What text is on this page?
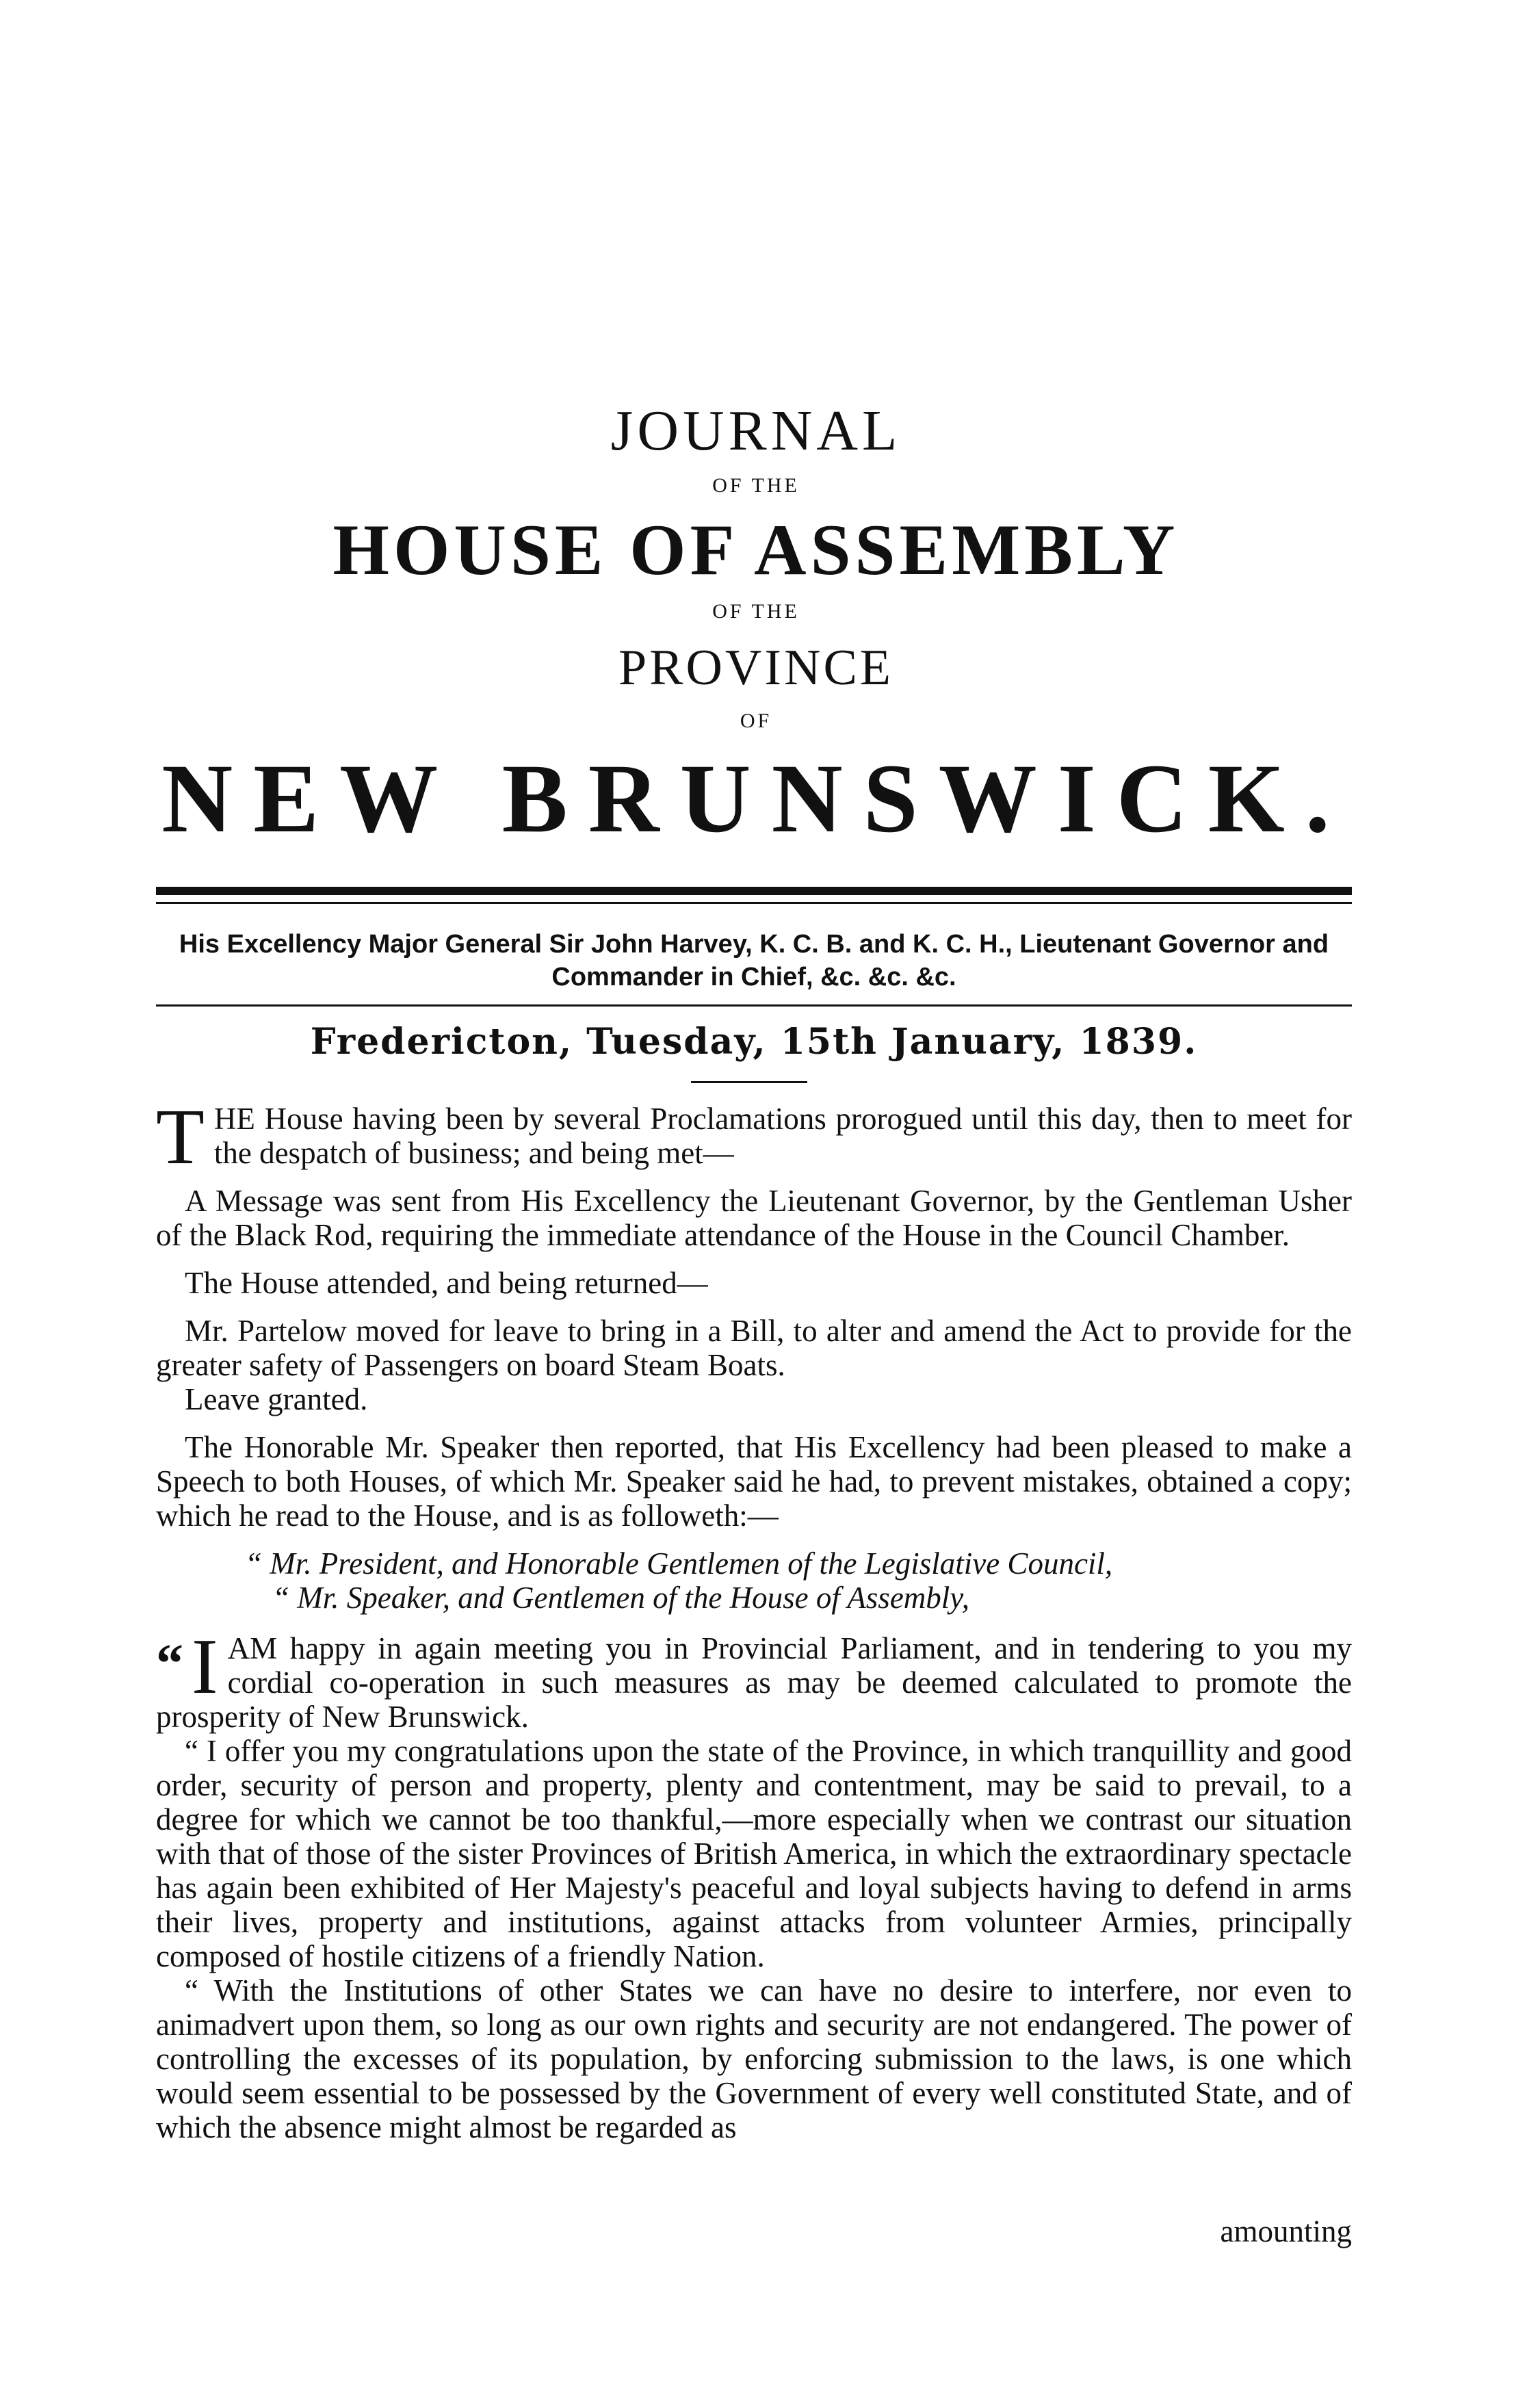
JOURNAL
OF THE
HOUSE OF ASSEMBLY
OF THE
PROVINCE
OF
NEW BRUNSWICK.
His Excellency Major General Sir John Harvey, K. C. B. and K. C. H., Lieutenant Governor and Commander in Chief, &c. &c. &c.
Fredericton, Tuesday, 15th January, 1839.

THE House having been by several Proclamations prorogued until this day, then to meet for the despatch of business; and being met—

A Message was sent from His Excellency the Lieutenant Governor, by the Gentleman Usher of the Black Rod, requiring the immediate attendance of the House in the Council Chamber.

The House attended, and being returned—

Mr. Partelow moved for leave to bring in a Bill, to alter and amend the Act to provide for the greater safety of Passengers on board Steam Boats.

Leave granted.

The Honorable Mr. Speaker then reported, that His Excellency had been pleased to make a Speech to both Houses, of which Mr. Speaker said he had, to prevent mistakes, obtained a copy; which he read to the House, and is as followeth:—

“ Mr. President, and Honorable Gentlemen of the Legislative Council,
“ Mr. Speaker, and Gentlemen of the House of Assembly,

“ I AM happy in again meeting you in Provincial Parliament, and in tendering to you my cordial co-operation in such measures as may be deemed calculated to promote the prosperity of New Brunswick.

“ I offer you my congratulations upon the state of the Province, in which tranquillity and good order, security of person and property, plenty and contentment, may be said to prevail, to a degree for which we cannot be too thankful,—more especially when we contrast our situation with that of those of the sister Provinces of British America, in which the extraordinary spectacle has again been exhibited of Her Majesty's peaceful and loyal subjects having to defend in arms their lives, property and institutions, against attacks from volunteer Armies, principally composed of hostile citizens of a friendly Nation.

“ With the Institutions of other States we can have no desire to interfere, nor even to animadvert upon them, so long as our own rights and security are not endangered. The power of controlling the excesses of its population, by enforcing submission to the laws, is one which would seem essential to be possessed by the Government of every well constituted State, and of which the absence might almost be regarded as

amounting
